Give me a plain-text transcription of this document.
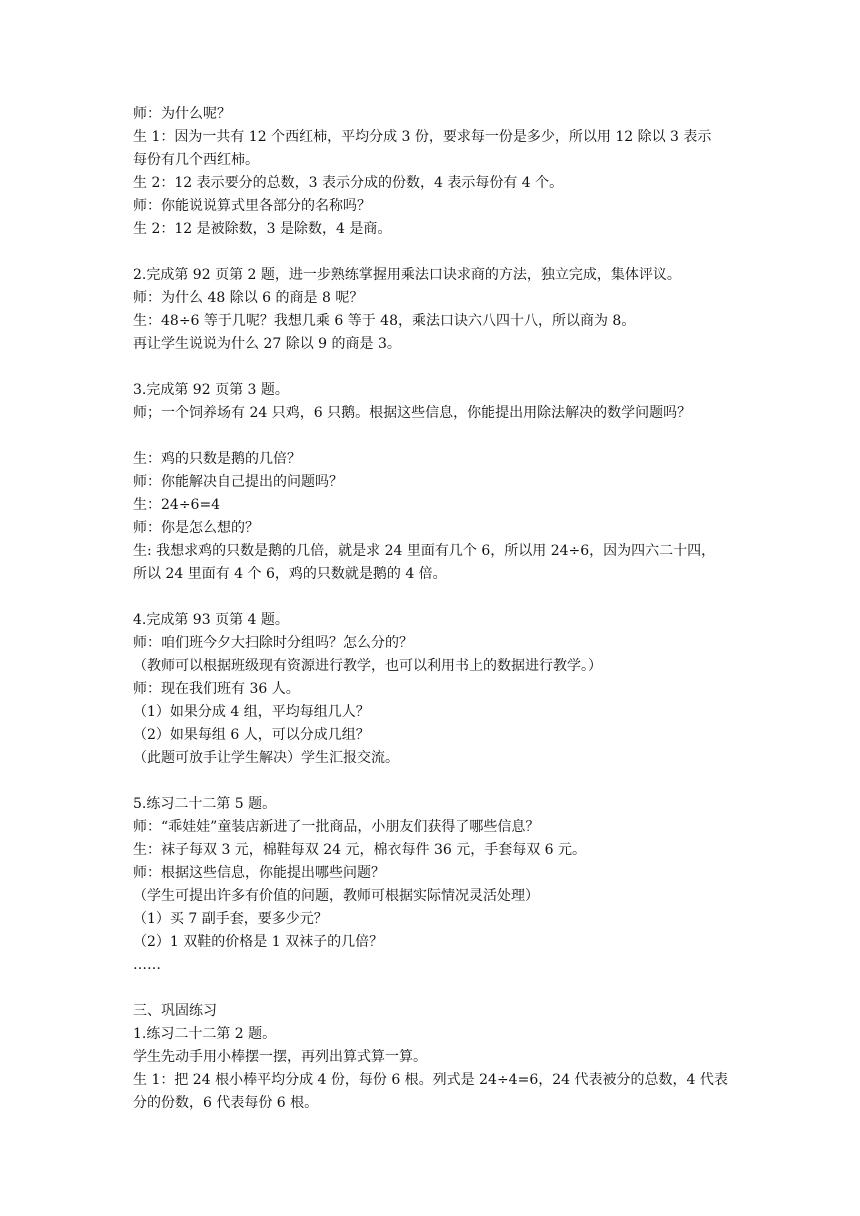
师：为什么呢？
生 1：因为一共有 12 个西红柿，平均分成 3 份，要求每一份是多少，所以用 12 除以 3 表示
每份有几个西红柿。
生 2：12 表示要分的总数，3 表示分成的份数，4 表示每份有 4 个。
师：你能说说算式里各部分的名称吗？
生 2：12 是被除数，3 是除数，4 是商。
2.完成第 92 页第 2 题，进一步熟练掌握用乘法口诀求商的方法，独立完成，集体评议。
师：为什么 48 除以 6 的商是 8 呢？
生：48÷6 等于几呢？我想几乘 6 等于 48，乘法口诀六八四十八，所以商为 8。
再让学生说说为什么 27 除以 9 的商是 3。
3.完成第 92 页第 3 题。
师；一个饲养场有 24 只鸡，6 只鹅。根据这些信息，你能提出用除法解决的数学问题吗？
生：鸡的只数是鹅的几倍？
师：你能解决自己提出的问题吗？
生：24÷6=4
师：你是怎么想的？
生: 我想求鸡的只数是鹅的几倍，就是求 24 里面有几个 6，所以用 24÷6，因为四六二十四，
所以 24 里面有 4 个 6，鸡的只数就是鹅的 4 倍。
4.完成第 93 页第 4 题。
师：咱们班今夕大扫除时分组吗？怎么分的？
（教师可以根据班级现有资源进行教学，也可以利用书上的数据进行教学。）
师：现在我们班有 36 人。
（1）如果分成 4 组，平均每组几人？
（2）如果每组 6 人，可以分成几组？
（此题可放手让学生解决）学生汇报交流。
5.练习二十二第 5 题。
师：“乖娃娃”童装店新进了一批商品，小朋友们获得了哪些信息？
生：袜子每双 3 元，棉鞋每双 24 元，棉衣每件 36 元，手套每双 6 元。
师：根据这些信息，你能提出哪些问题？
（学生可提出许多有价值的问题，教师可根据实际情况灵活处理）
（1）买 7 副手套，要多少元？
（2）1 双鞋的价格是 1 双袜子的几倍？
……
三、巩固练习
1.练习二十二第 2 题。
学生先动手用小棒摆一摆，再列出算式算一算。
生 1：把 24 根小棒平均分成 4 份，每份 6 根。列式是 24÷4=6，24 代表被分的总数，4 代表
分的份数，6 代表每份 6 根。
